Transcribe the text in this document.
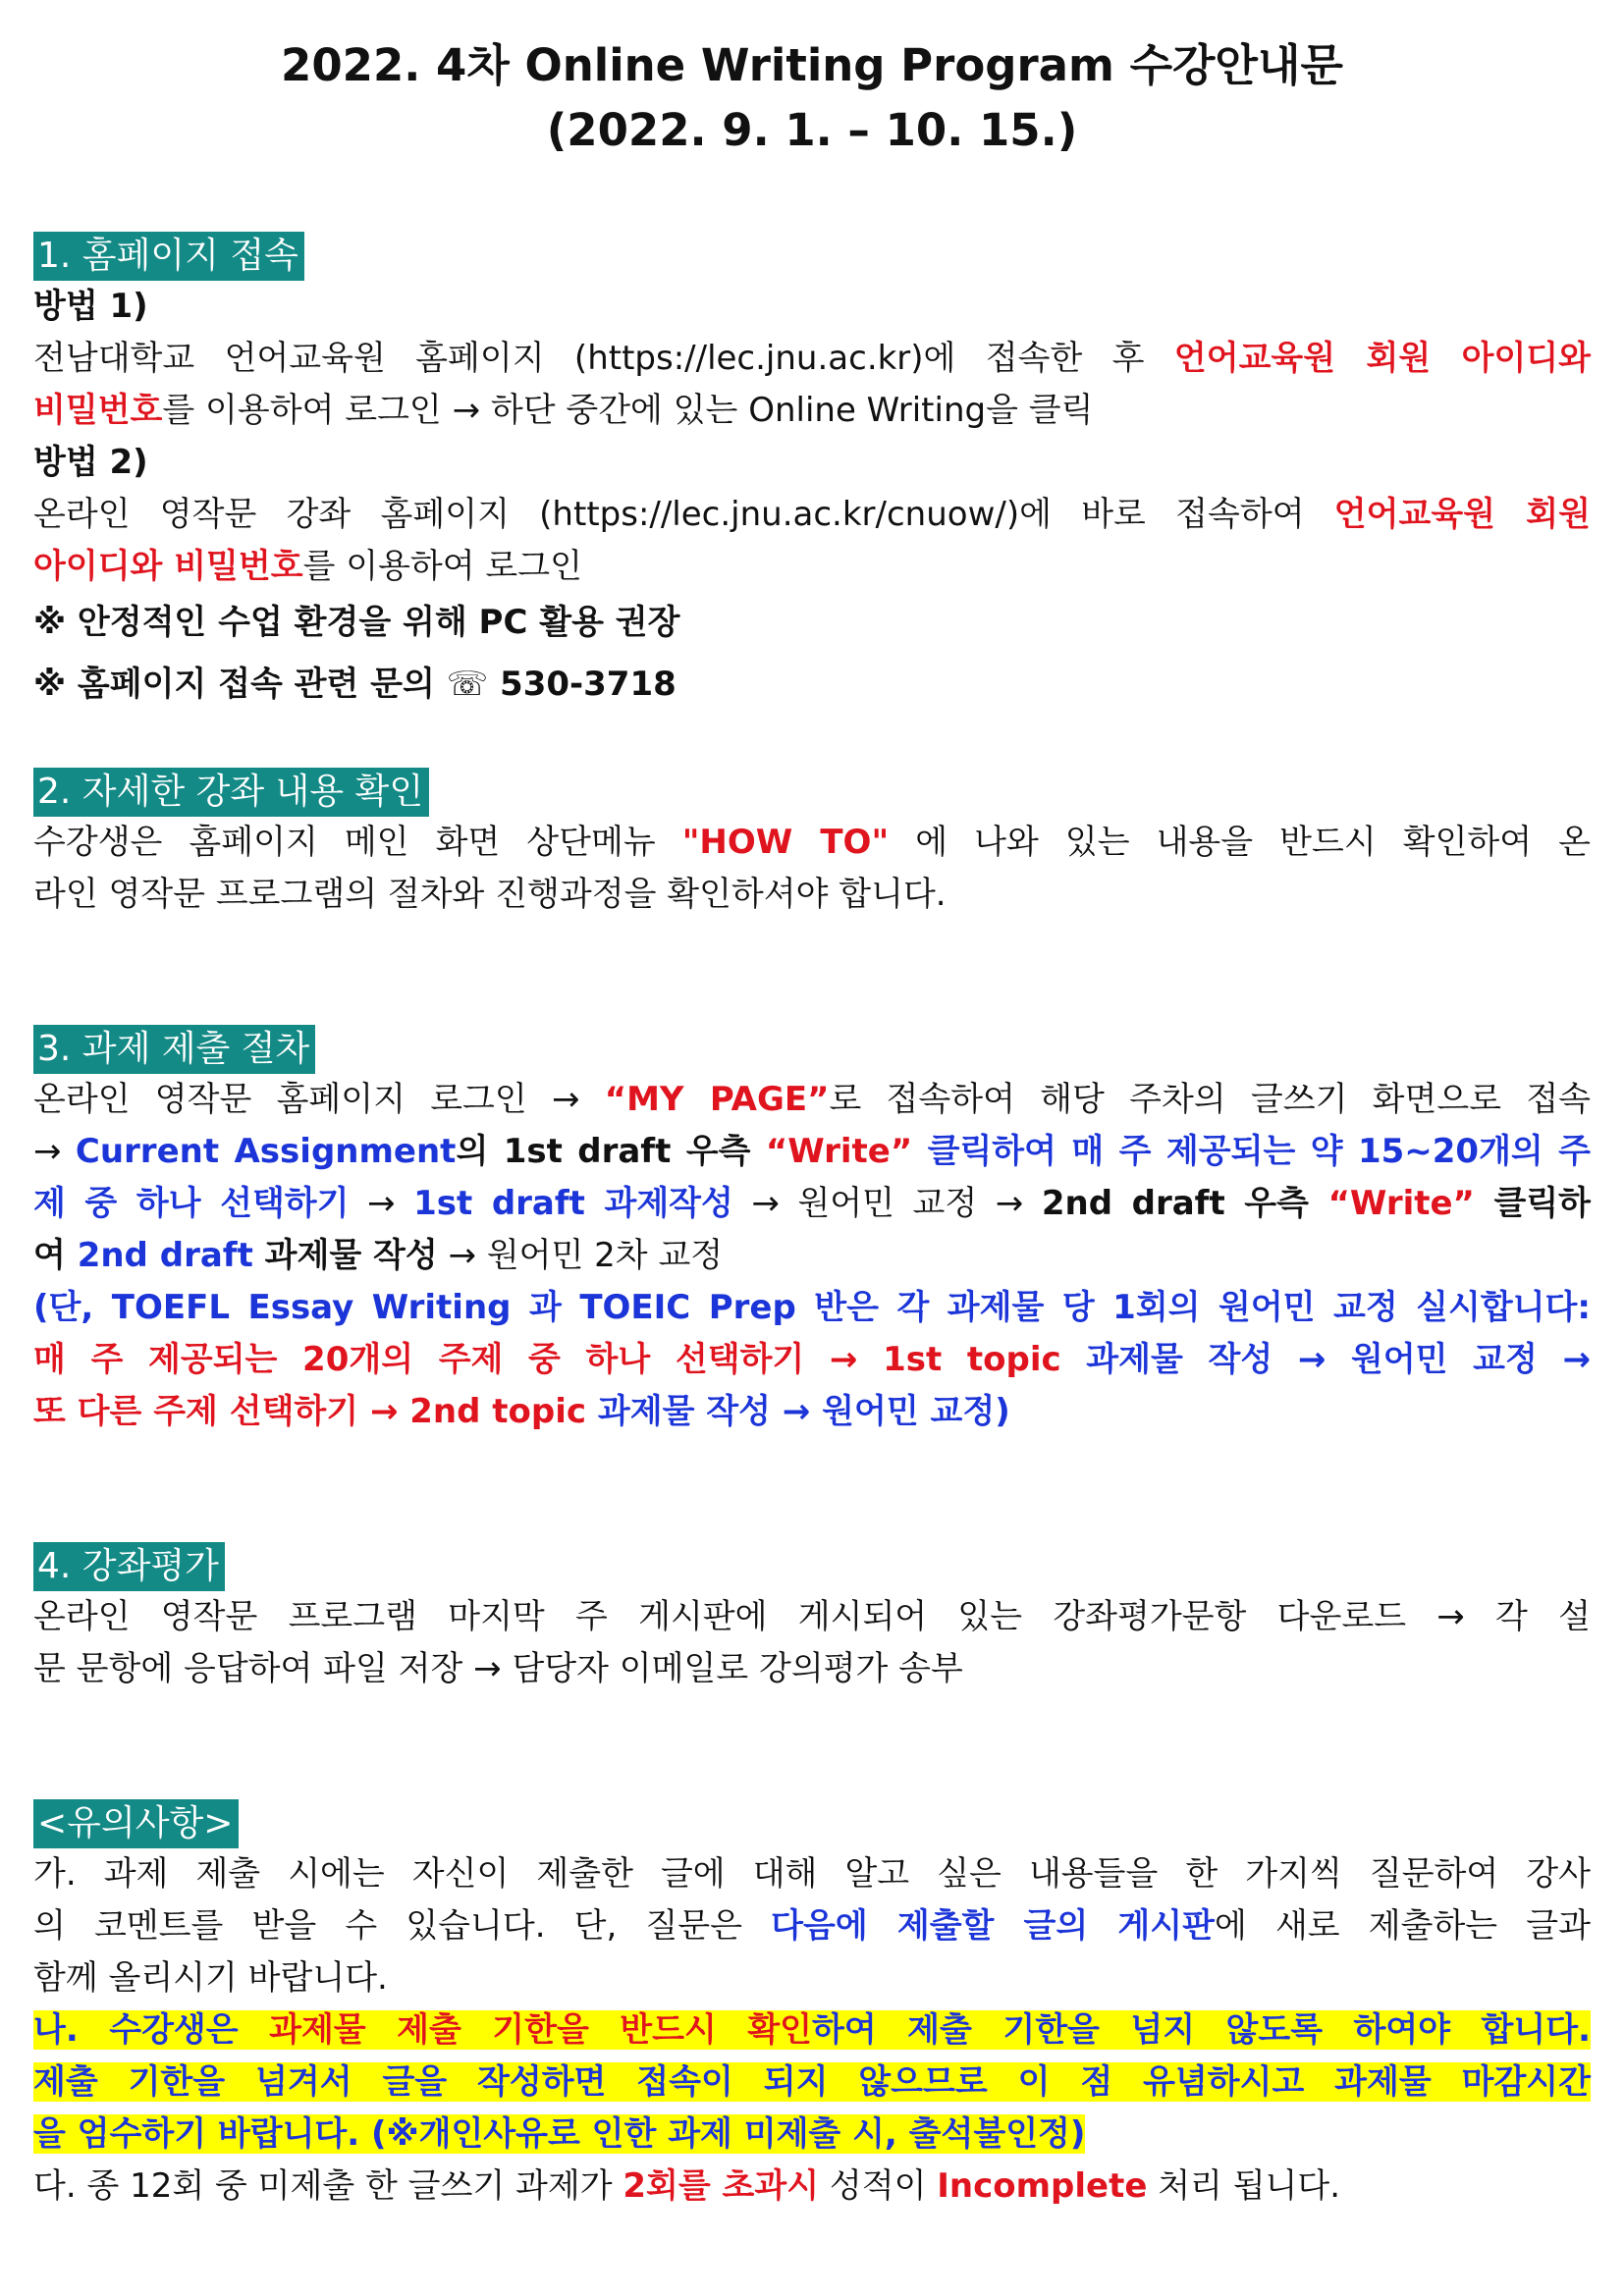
2022. 4차 Online Writing Program 수강안내문

(2022. 9. 1. – 10. 15.)

1. 홈페이지 접속

방법 1)

전남대학교 언어교육원 홈페이지 (https://lec.jnu.ac.kr)에 접속한 후 언어교육원 회원 아이디와

비밀번호를 이용하여 로그인 → 하단 중간에 있는 Online Writing을 클릭

방법 2)

온라인 영작문 강좌 홈페이지 (https://lec.jnu.ac.kr/cnuow/)에 바로 접속하여 언어교육원 회원

아이디와 비밀번호를 이용하여 로그인

※ 안정적인 수업 환경을 위해 PC 활용 권장

※ 홈페이지 접속 관련 문의 ☏ 530-3718

2. 자세한 강좌 내용 확인

수강생은 홈페이지 메인 화면 상단메뉴 "HOW TO" 에 나와 있는 내용을 반드시 확인하여 온

라인 영작문 프로그램의 절차와 진행과정을 확인하셔야 합니다.

3. 과제 제출 절차

온라인 영작문 홈페이지 로그인 → “MY PAGE”로 접속하여 해당 주차의 글쓰기 화면으로 접속

→ Current Assignment의 1st draft 우측 “Write” 클릭하여 매 주 제공되는 약 15~20개의 주

제 중 하나 선택하기 → 1st draft 과제작성 → 원어민 교정 → 2nd draft 우측 “Write” 클릭하

여 2nd draft 과제물 작성 → 원어민 2차 교정

(단, TOEFL Essay Writing 과 TOEIC Prep 반은 각 과제물 당 1회의 원어민 교정 실시합니다:

매 주 제공되는 20개의 주제 중 하나 선택하기 → 1st topic 과제물 작성 → 원어민 교정 →

또 다른 주제 선택하기 → 2nd topic 과제물 작성 → 원어민 교정)

4. 강좌평가

온라인 영작문 프로그램 마지막 주 게시판에 게시되어 있는 강좌평가문항 다운로드 → 각 설

문 문항에 응답하여 파일 저장 → 담당자 이메일로 강의평가 송부

<유의사항>

가. 과제 제출 시에는 자신이 제출한 글에 대해 알고 싶은 내용들을 한 가지씩 질문하여 강사

의 코멘트를 받을 수 있습니다. 단, 질문은 다음에 제출할 글의 게시판에 새로 제출하는 글과

함께 올리시기 바랍니다.

나. 수강생은 과제물 제출 기한을 반드시 확인하여 제출 기한을 넘지 않도록 하여야 합니다.

제출 기한을 넘겨서 글을 작성하면 접속이 되지 않으므로 이 점 유념하시고 과제물 마감시간

을 엄수하기 바랍니다. (※개인사유로 인한 과제 미제출 시, 출석불인정)

다. 종 12회 중 미제출 한 글쓰기 과제가 2회를 초과시 성적이 Incomplete 처리 됩니다.
